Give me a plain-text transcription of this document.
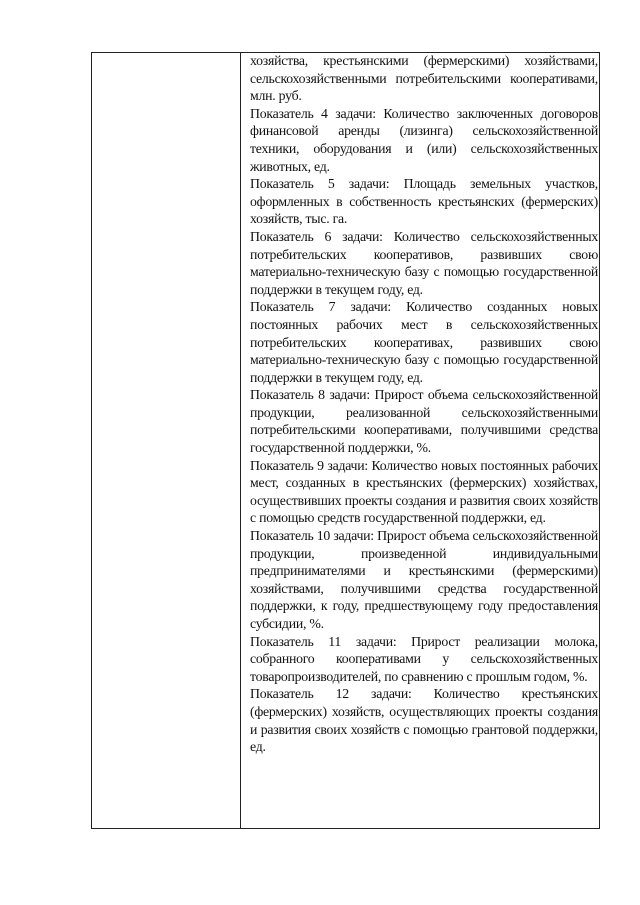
хозяйства, крестьянскими (фермерскими) хозяйствами, сельскохозяйственными потребительскими кооперативами, млн. руб.

Показатель 4 задачи: Количество заключенных договоров финансовой аренды (лизинга) сельскохозяйственной техники, оборудования и (или) сельскохозяйственных животных, ед.

Показатель 5 задачи: Площадь земельных участков, оформленных в собственность крестьянских (фермерских) хозяйств, тыс. га.

Показатель 6 задачи: Количество сельскохозяйственных потребительских кооперативов, развивших свою материально-техническую базу с помощью государственной поддержки в текущем году, ед.

Показатель 7 задачи: Количество созданных новых постоянных рабочих мест в сельскохозяйственных потребительских кооперативах, развивших свою материально-техническую базу с помощью государственной поддержки в текущем году, ед.

Показатель 8 задачи: Прирост объема сельскохозяйственной продукции, реализованной сельскохозяйственными потребительскими кооперативами, получившими средства государственной поддержки, %.

Показатель 9 задачи: Количество новых постоянных рабочих мест, созданных в крестьянских (фермерских) хозяйствах, осуществивших проекты создания и развития своих хозяйств с помощью средств государственной поддержки, ед.

Показатель 10 задачи: Прирост объема сельскохозяйственной продукции, произведенной индивидуальными предпринимателями и крестьянскими (фермерскими) хозяйствами, получившими средства государственной поддержки, к году, предшествующему году предоставления субсидии, %.

Показатель 11 задачи: Прирост реализации молока, собранного кооперативами у сельскохозяйственных товаропроизводителей, по сравнению с прошлым годом, %.

Показатель 12 задачи: Количество крестьянских (фермерских) хозяйств, осуществляющих проекты создания и развития своих хозяйств с помощью грантовой поддержки, ед.
